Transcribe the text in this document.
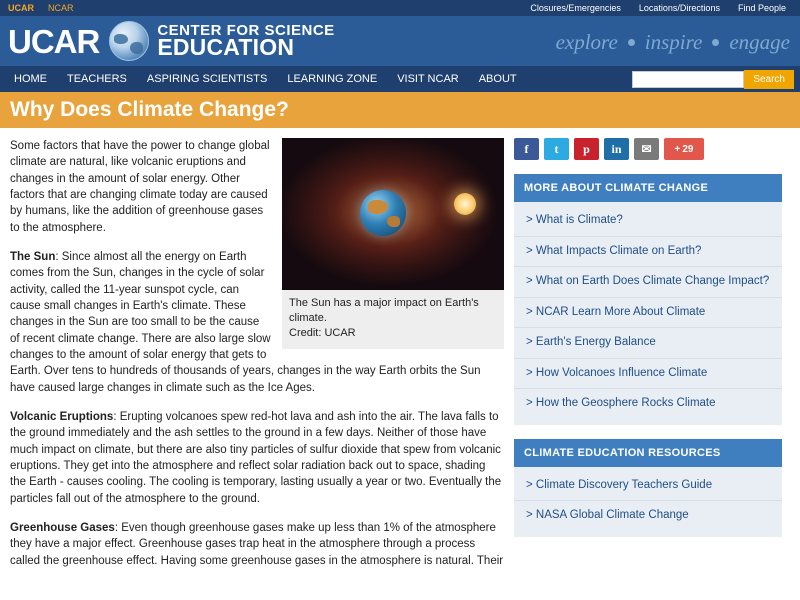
UCAR NCAR	Closures/Emergencies Locations/Directions Find People
UCAR	CENTER FOR SCIENCE
EDUCATION	explore inspire engage
HOME	TEACHERS	ASPIRING SCIENTISTS	LEARNING ZONE	VISIT NCAR	ABOUT	Search
Why Does Climate Change?
The Sun has a major impact on Earth's climate.
Credit: UCAR

Some factors that have the power to change global climate are natural, like volcanic eruptions and changes in the amount of solar energy. Other factors that are changing climate today are caused by humans, like the addition of greenhouse gases to the atmosphere.

The Sun: Since almost all the energy on Earth comes from the Sun, changes in the cycle of solar activity, called the 11-year sunspot cycle, can cause small changes in Earth's climate. These changes in the Sun are too small to be the cause of recent climate change. There are also large slow changes to the amount of solar energy that gets to Earth. Over tens to hundreds of thousands of years, changes in the way Earth orbits the Sun have caused large changes in climate such as the Ice Ages.

Volcanic Eruptions: Erupting volcanoes spew red-hot lava and ash into the air. The lava falls to the ground immediately and the ash settles to the ground in a few days. Neither of those have much impact on climate, but there are also tiny particles of sulfur dioxide that spew from volcanic eruptions. They get into the atmosphere and reflect solar radiation back out to space, shading the Earth - causes cooling. The cooling is temporary, lasting usually a year or two. Eventually the particles fall out of the atmosphere to the ground.

Greenhouse Gases: Even though greenhouse gases make up less than 1% of the atmosphere they have a major effect. Greenhouse gases trap heat in the atmosphere through a process called the greenhouse effect. Having some greenhouse gases in the atmosphere is natural. Their

f	t	p	in	✉	+ 29
MORE ABOUT CLIMATE CHANGE
> What is Climate?
> What Impacts Climate on Earth?
> What on Earth Does Climate Change Impact?
> NCAR Learn More About Climate
> Earth's Energy Balance
> How Volcanoes Influence Climate
> How the Geosphere Rocks Climate
CLIMATE EDUCATION RESOURCES
> Climate Discovery Teachers Guide
> NASA Global Climate Change
